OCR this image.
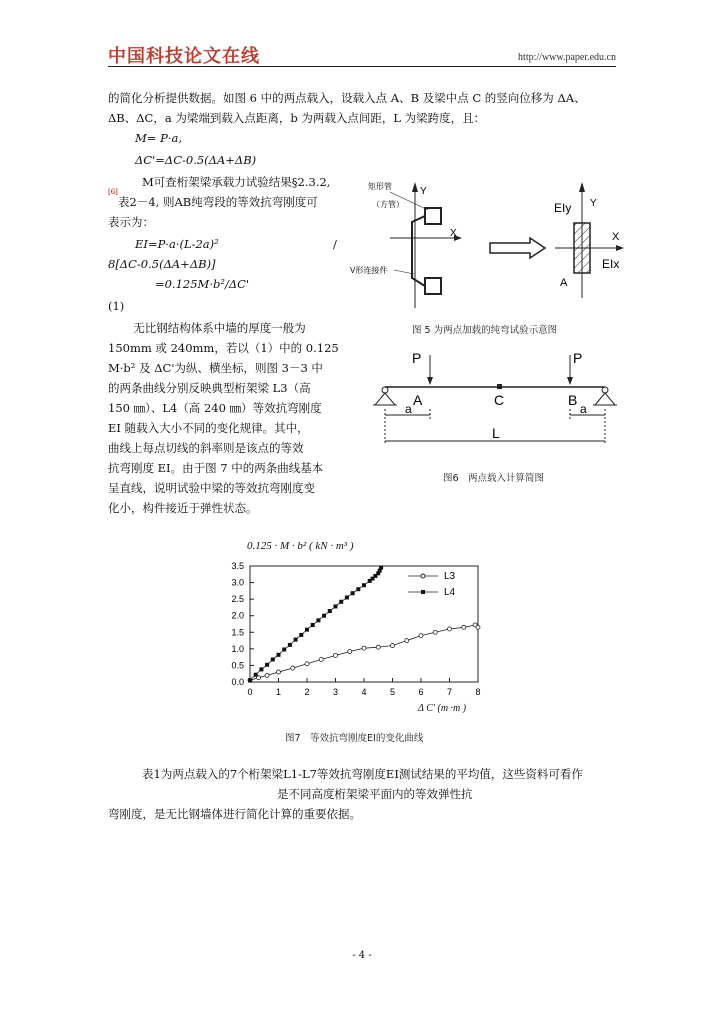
中国科技论文在线	http://www.paper.edu.cn
的简化分析提供数据。如图 6 中的两点载入，设载入点 A、B 及梁中点 C 的竖向位移为 ΔA、
ΔB、ΔC，a 为梁端到载入点距离，b 为两载入点间距，L 为梁跨度，且：
M= P·a,
ΔC'=ΔC-0.5(ΔA+ΔB)
M可查桁架梁承载力试验结果§2.3.2,
[6]
表2－4, 则AB纯弯段的等效抗弯刚度可
表示为：
EI=P·a·(L-2a)²	/
8[ΔC-0.5(ΔA+ΔB)]
=0.125M·b²/ΔC'
(1)
无比钢结构体系中墙的厚度一般为
150mm 或 240mm，若以（1）中的 0.125
M·b² 及 ΔC'为纵、横坐标，则图 3－3 中
的两条曲线分别反映典型桁架梁 L3（高
150 ㎜）、L4（高 240 ㎜）等效抗弯刚度
EI 随载入大小不同的变化规律。其中，
曲线上每点切线的斜率则是该点的等效
抗弯刚度 EI。由于图 7 中的两条曲线基本
呈直线，说明试验中梁的等效抗弯刚度变
化小，构件接近于弹性状态。
矩形管
（方管）
V形连接件
Y
X
EIy Y
X
EIx
A
图 5 为两点加载的纯弯试验示意图
P	P
A	C	B
a	a
L
图6　两点载入计算简图
0.125 · M · b² ( kN · m³ )
0.0
0.5
1.0
1.5
2.0
2.5
3.0
3.5
0	1	2	3	4	5	6	7	8
L3
L4
Δ C' (m ·m )
图7　等效抗弯刚度EI的变化曲线
表1为两点载入的7个桁架梁L1-L7等效抗弯刚度EI测试结果的平均值，这些资料可看作
是不同高度桁架梁平面内的等效弹性抗
弯刚度，是无比钢墙体进行简化计算的重要依据。
- 4 -
